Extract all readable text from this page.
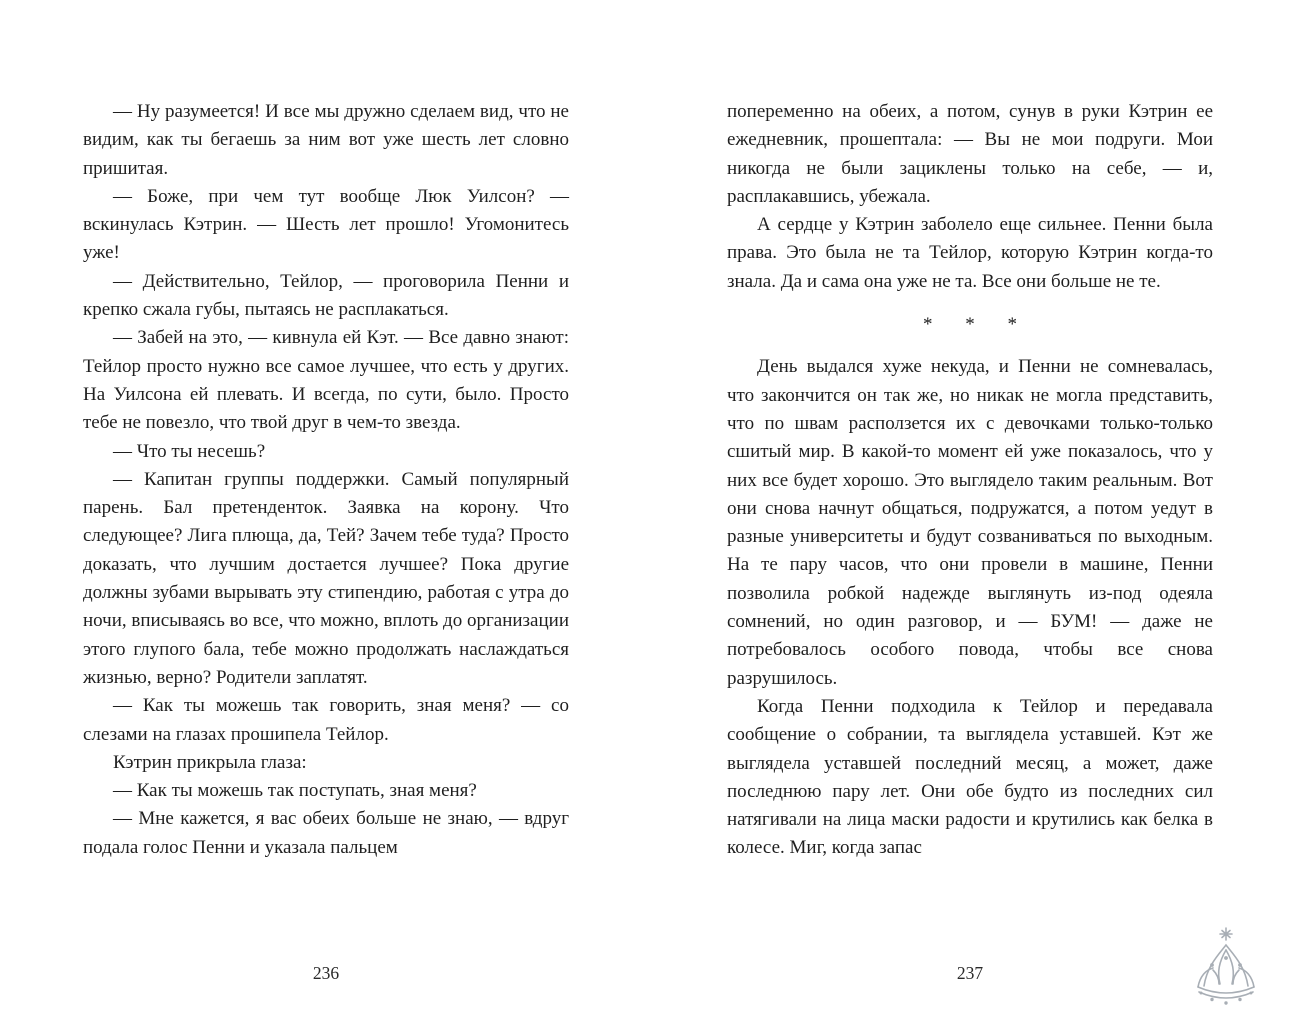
— Ну разумеется! И все мы дружно сделаем вид, что не видим, как ты бегаешь за ним вот уже шесть лет словно пришитая.

— Боже, при чем тут вообще Люк Уилсон? — вскинулась Кэтрин. — Шесть лет прошло! Угомонитесь уже!

— Действительно, Тейлор, — проговорила Пенни и крепко сжала губы, пытаясь не расплакаться.

— Забей на это, — кивнула ей Кэт. — Все давно знают: Тейлор просто нужно все самое лучшее, что есть у других. На Уилсона ей плевать. И всегда, по сути, было. Просто тебе не повезло, что твой друг в чем-то звезда.

— Что ты несешь?

— Капитан группы поддержки. Самый популярный парень. Бал претенденток. Заявка на корону. Что следующее? Лига плюща, да, Тей? Зачем тебе туда? Просто доказать, что лучшим достается лучшее? Пока другие должны зубами вырывать эту стипендию, работая с утра до ночи, вписываясь во все, что можно, вплоть до организации этого глупого бала, тебе можно продолжать наслаждаться жизнью, верно? Родители заплатят.

— Как ты можешь так говорить, зная меня? — со слезами на глазах прошипела Тейлор.

Кэтрин прикрыла глаза:

— Как ты можешь так поступать, зная меня?

— Мне кажется, я вас обеих больше не знаю, — вдруг подала голос Пенни и указала пальцем

попеременно на обеих, а потом, сунув в руки Кэтрин ее ежедневник, прошептала: — Вы не мои подруги. Мои никогда не были зациклены только на себе, — и, расплакавшись, убежала.

А сердце у Кэтрин заболело еще сильнее. Пенни была права. Это была не та Тейлор, которую Кэтрин когда-то знала. Да и сама она уже не та. Все они больше не те.

* * *

День выдался хуже некуда, и Пенни не сомневалась, что закончится он так же, но никак не могла представить, что по швам расползется их с девочками только-только сшитый мир. В какой-то момент ей уже показалось, что у них все будет хорошо. Это выглядело таким реальным. Вот они снова начнут общаться, подружатся, а потом уедут в разные университеты и будут созваниваться по выходным. На те пару часов, что они провели в машине, Пенни позволила робкой надежде выглянуть из-под одеяла сомнений, но один разговор, и — БУМ! — даже не потребовалось особого повода, чтобы все снова разрушилось.

Когда Пенни подходила к Тейлор и передавала сообщение о собрании, та выглядела уставшей. Кэт же выглядела уставшей последний месяц, а может, даже последнюю пару лет. Они обе будто из последних сил натягивали на лица маски радости и крутились как белка в колесе. Миг, когда запас

236	237
